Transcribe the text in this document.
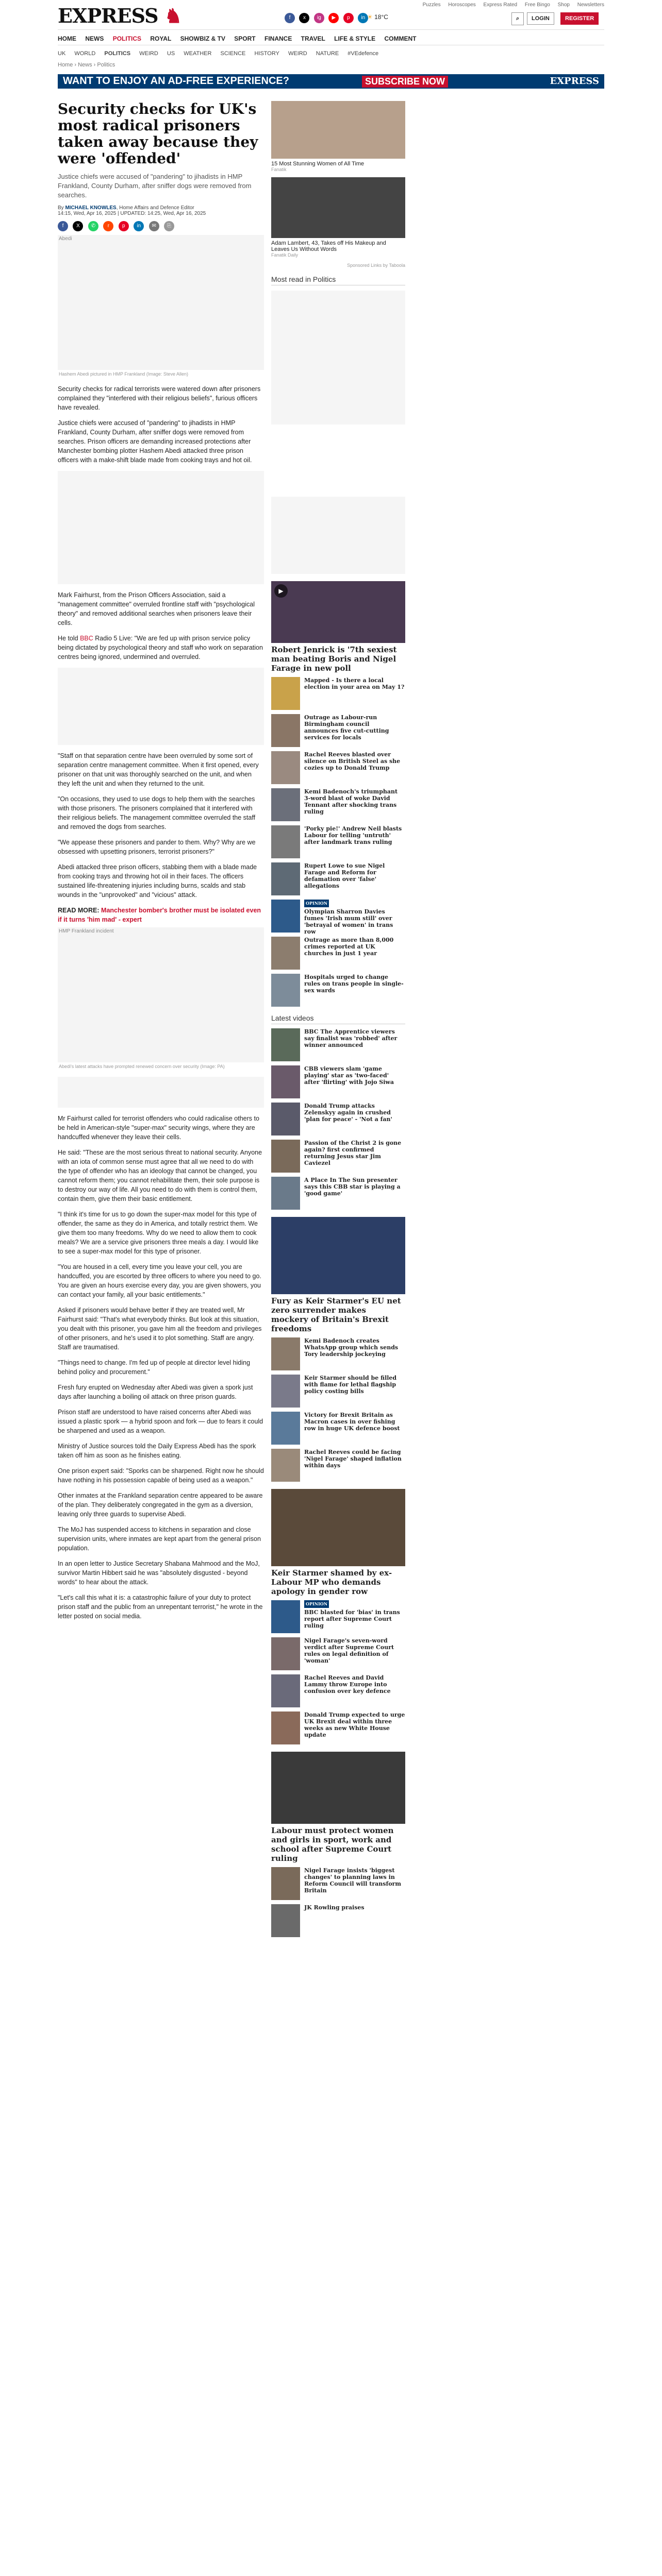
EXPRESS ♞	Puzzles Horoscopes Express Rated Free Bingo Shop Newsletters
f x ig ▶ p in ☀ 18°C	⌕	LOGIN	REGISTER
HOME NEWS POLITICS ROYAL SHOWBIZ & TV SPORT FINANCE TRAVEL LIFE & STYLE COMMENT
UK WORLD POLITICS WEIRD US WEATHER SCIENCE HISTORY WEIRD NATURE #VEdefence
Home › News › Politics
WANT TO ENJOY AN AD-FREE EXPERIENCE?	SUBSCRIBE NOW	EXPRESS
Security checks for UK's most radical prisoners taken away because they were 'offended'

Justice chiefs were accused of "pandering" to jihadists in HMP Frankland, County Durham, after sniffer dogs were removed from searches.

By MICHAEL KNOWLES, Home Affairs and Defence Editor
14:15, Wed, Apr 16, 2025 | UPDATED: 14:25, Wed, Apr 16, 2025
f X ✆ r	p in ✉ ⎘ ▯BOOKMARK
Abedi
Hashem Abedi pictured in HMP Frankland (Image: Steve Allen)

Security checks for radical terrorists were watered down after prisoners complained they "interfered with their religious beliefs", furious officers have revealed.

Justice chiefs were accused of "pandering" to jihadists in HMP Frankland, County Durham, after sniffer dogs were removed from searches. Prison officers are demanding increased protections after Manchester bombing plotter Hashem Abedi attacked three prison officers with a make-shift blade made from cooking trays and hot oil.

Mark Fairhurst, from the Prison Officers Association, said a "management committee" overruled frontline staff with "psychological theory" and removed additional searches when prisoners leave their cells.

He told BBC Radio 5 Live: "We are fed up with prison service policy being dictated by psychological theory and staff who work on separation centres being ignored, undermined and overruled.

"Staff on that separation centre have been overruled by some sort of separation centre management committee. When it first opened, every prisoner on that unit was thoroughly searched on the unit, and when they left the unit and when they returned to the unit.

"On occasions, they used to use dogs to help them with the searches with those prisoners. The prisoners complained that it interfered with their religious beliefs. The management committee overruled the staff and removed the dogs from searches.

"We appease these prisoners and pander to them. Why? Why are we obsessed with upsetting prisoners, terrorist prisoners?"

Abedi attacked three prison officers, stabbing them with a blade made from cooking trays and throwing hot oil in their faces. The officers sustained life-threatening injuries including burns, scalds and stab wounds in the "unprovoked" and "vicious" attack.

READ MORE: Manchester bomber's brother must be isolated even if it turns 'him mad' - expert

HMP Frankland incident
Abedi's latest attacks have prompted renewed concern over security (Image: PA)

Mr Fairhurst called for terrorist offenders who could radicalise others to be held in American-style "super-max" security wings, where they are handcuffed whenever they leave their cells.

He said: "These are the most serious threat to national security. Anyone with an iota of common sense must agree that all we need to do with the type of offender who has an ideology that cannot be changed, you cannot reform them; you cannot rehabilitate them, their sole purpose is to destroy our way of life. All you need to do with them is control them, contain them, give them their basic entitlement.

"I think it's time for us to go down the super-max model for this type of offender, the same as they do in America, and totally restrict them. We give them too many freedoms. Why do we need to allow them to cook meals? We are a service give prisoners three meals a day. I would like to see a super-max model for this type of prisoner.

"You are housed in a cell, every time you leave your cell, you are handcuffed, you are escorted by three officers to where you need to go. You are given an hours exercise every day, you are given showers, you can contact your family, all your basic entitlements."

Asked if prisoners would behave better if they are treated well, Mr Fairhurst said: "That's what everybody thinks. But look at this situation, you dealt with this prisoner, you gave him all the freedom and privileges of other prisoners, and he's used it to plot something. Staff are angry. Staff are traumatised.

"Things need to change. I'm fed up of people at director level hiding behind policy and procurement."

Fresh fury erupted on Wednesday after Abedi was given a spork just days after launching a boiling oil attack on three prison guards.

Prison staff are understood to have raised concerns after Abedi was issued a plastic spork — a hybrid spoon and fork — due to fears it could be sharpened and used as a weapon.

Ministry of Justice sources told the Daily Express Abedi has the spork taken off him as soon as he finishes eating.

One prison expert said: "Sporks can be sharpened. Right now he should have nothing in his possession capable of being used as a weapon."

Other inmates at the Frankland separation centre appeared to be aware of the plan. They deliberately congregated in the gym as a diversion, leaving only three guards to supervise Abedi.

The MoJ has suspended access to kitchens in separation and close supervision units, where inmates are kept apart from the general prison population.

In an open letter to Justice Secretary Shabana Mahmood and the MoJ, survivor Martin Hibbert said he was "absolutely disgusted - beyond words" to hear about the attack.

"Let's call this what it is: a catastrophic failure of your duty to protect prison staff and the public from an unrepentant terrorist," he wrote in the letter posted on social media.

15 Most Stunning Women of All Time
Fanatik
Adam Lambert, 43, Takes off His Makeup and Leaves Us Without Words
Fanatik Daily
Sponsored Links by Taboola
Most read in Politics
▶
Robert Jenrick is '7th sexiest man beating Boris and Nigel Farage in new poll
Mapped - Is there a local election in your area on May 1?
Outrage as Labour-run Birmingham council announces five cut-cutting services for locals
Rachel Reeves blasted over silence on British Steel as she cozies up to Donald Trump
Kemi Badenoch's triumphant 3-word blast of woke David Tennant after shocking trans ruling
'Porky pie!' Andrew Neil blasts Labour for telling 'untruth' after landmark trans ruling
Rupert Lowe to sue Nigel Farage and Reform for defamation over 'false' allegations
OPINION
Olympian Sharron Davies fumes 'Irish mum still' over 'betrayal of women' in trans row
Outrage as more than 8,000 crimes reported at UK churches in just 1 year
Hospitals urged to change rules on trans people in single-sex wards
Latest videos
BBC The Apprentice viewers say finalist was 'robbed' after winner announced
CBB viewers slam 'game playing' star as 'two-faced' after 'flirting' with Jojo Siwa
Donald Trump attacks Zelenskyy again in crushed 'plan for peace' - 'Not a fan'
Passion of the Christ 2 is gone again? first confirmed returning Jesus star Jim Caviezel
A Place In The Sun presenter says this CBB star is playing a 'good game'
Fury as Keir Starmer's EU net zero surrender makes mockery of Britain's Brexit freedoms
Kemi Badenoch creates WhatsApp group which sends Tory leadership jockeying
Keir Starmer should be filled with flame for lethal flagship policy costing bills
Victory for Brexit Britain as Macron cases in over fishing row in huge UK defence boost
Rachel Reeves could be facing 'Nigel Farage' shaped inflation within days
Keir Starmer shamed by ex-Labour MP who demands apology in gender row
OPINION
BBC blasted for 'bias' in trans report after Supreme Court ruling
Nigel Farage's seven-word verdict after Supreme Court rules on legal definition of 'woman'
Rachel Reeves and David Lammy throw Europe into confusion over key defence
Donald Trump expected to urge UK Brexit deal within three weeks as new White House update
Labour must protect women and girls in sport, work and school after Supreme Court ruling
Nigel Farage insists 'biggest changes' to planning laws in Reform Council will transform Britain
JK Rowling praises
